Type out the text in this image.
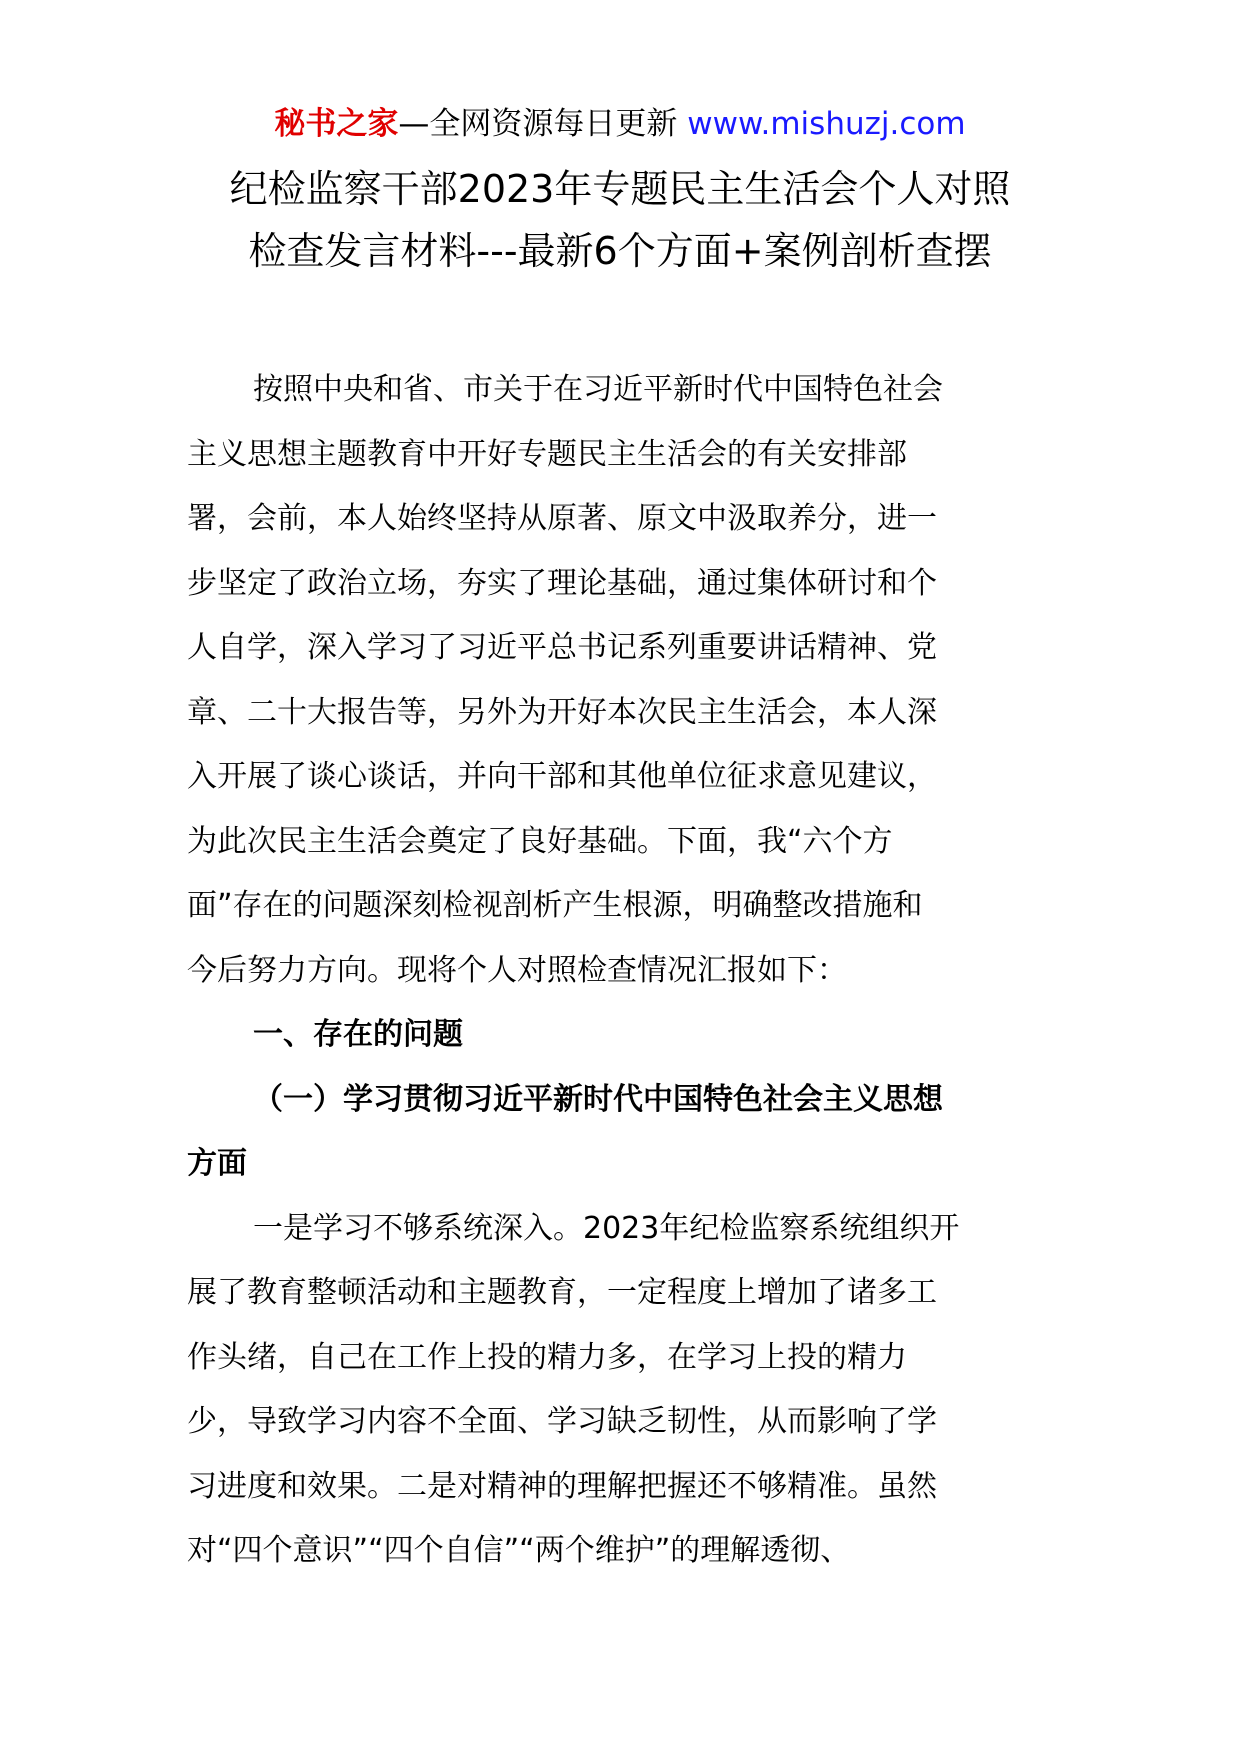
秘书之家—全网资源每日更新 www.mishuzj.com
纪检监察干部2023年专题民主生活会个人对照
检查发言材料---最新6个方面+案例剖析查摆

按照中央和省、市关于在习近平新时代中国特色社会
主义思想主题教育中开好专题民主生活会的有关安排部
署，会前，本人始终坚持从原著、原文中汲取养分，进一
步坚定了政治立场，夯实了理论基础，通过集体研讨和个
人自学，深入学习了习近平总书记系列重要讲话精神、党
章、二十大报告等，另外为开好本次民主生活会，本人深
入开展了谈心谈话，并向干部和其他单位征求意见建议，
为此次民主生活会奠定了良好基础。下面，我“六个方
面”存在的问题深刻检视剖析产生根源，明确整改措施和
今后努力方向。现将个人对照检查情况汇报如下：

一、存在的问题
（一）学习贯彻习近平新时代中国特色社会主义思想
方面

一是学习不够系统深入。2023年纪检监察系统组织开
展了教育整顿活动和主题教育，一定程度上增加了诸多工
作头绪，自己在工作上投的精力多，在学习上投的精力
少，导致学习内容不全面、学习缺乏韧性，从而影响了学
习进度和效果。二是对精神的理解把握还不够精准。虽然
对“四个意识”“四个自信”“两个维护”的理解透彻、
